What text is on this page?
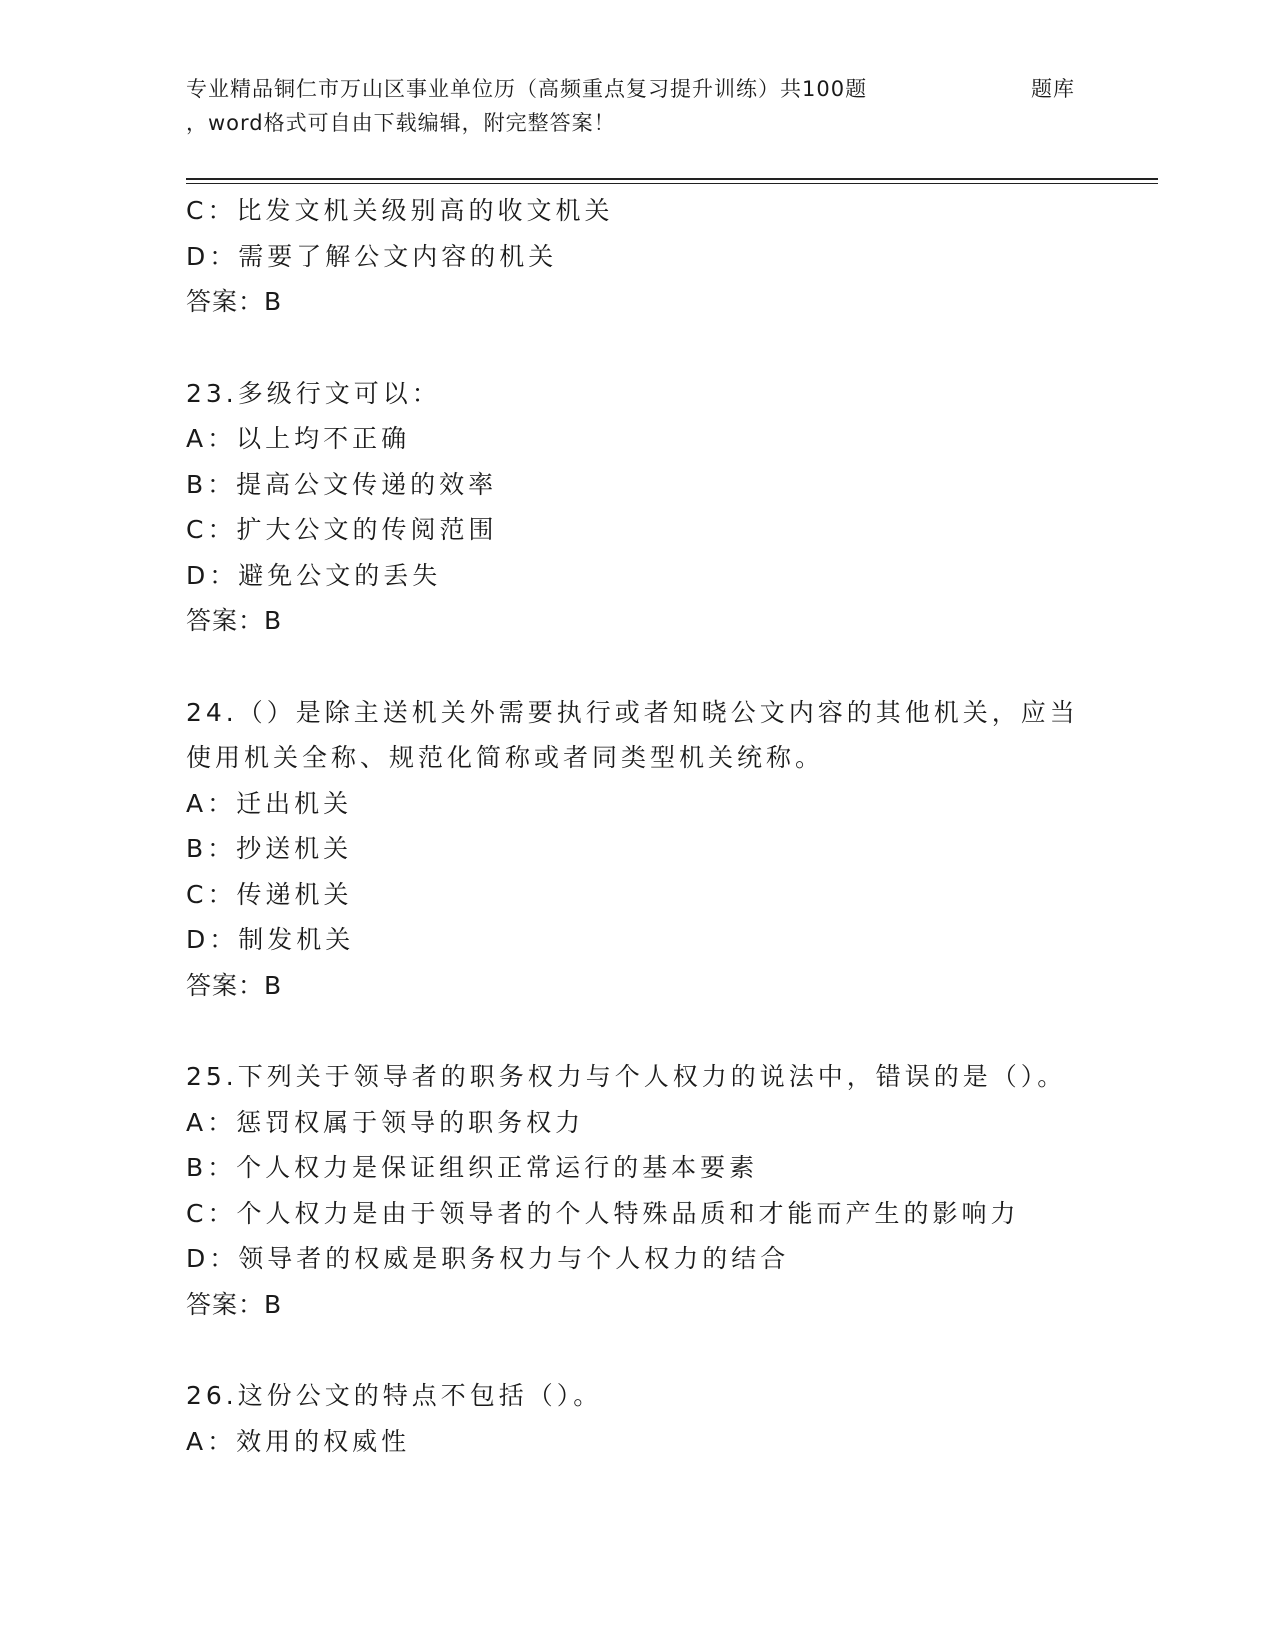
专业精品铜仁市万山区事业单位历（高频重点复习提升训练）共100题	题库
，word格式可自由下载编辑，附完整答案！
C：比发文机关级别高的收文机关
D：需要了解公文内容的机关
答案：B
23.多级行文可以：
A：以上均不正确
B：提高公文传递的效率
C：扩大公文的传阅范围
D：避免公文的丢失
答案：B
24.（）是除主送机关外需要执行或者知晓公文内容的其他机关，应当
使用机关全称、规范化简称或者同类型机关统称。
A：迁出机关
B：抄送机关
C：传递机关
D：制发机关
答案：B
25.下列关于领导者的职务权力与个人权力的说法中，错误的是（）。
A：惩罚权属于领导的职务权力
B：个人权力是保证组织正常运行的基本要素
C：个人权力是由于领导者的个人特殊品质和才能而产生的影响力
D：领导者的权威是职务权力与个人权力的结合
答案：B
26.这份公文的特点不包括（）。
A：效用的权威性
